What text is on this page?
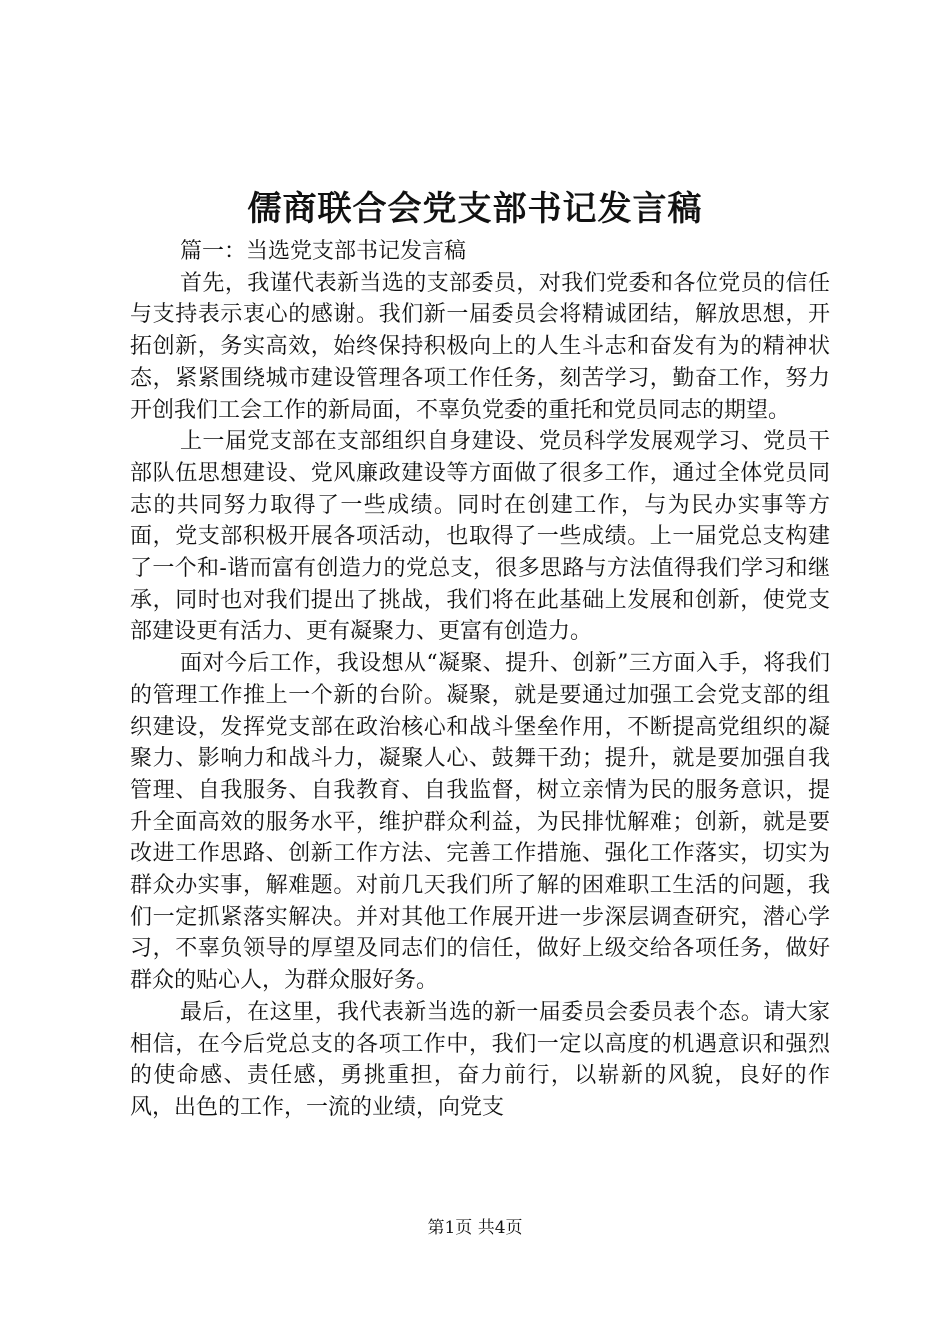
儒商联合会党支部书记发言稿

篇一：当选党支部书记发言稿

首先，我谨代表新当选的支部委员，对我们党委和各位党员的信任与支持表示衷心的感谢。我们新一届委员会将精诚团结，解放思想，开拓创新，务实高效，始终保持积极向上的人生斗志和奋发有为的精神状态，紧紧围绕城市建设管理各项工作任务，刻苦学习，勤奋工作，努力开创我们工会工作的新局面，不辜负党委的重托和党员同志的期望。

上一届党支部在支部组织自身建设、党员科学发展观学习、党员干部队伍思想建设、党风廉政建设等方面做了很多工作，通过全体党员同志的共同努力取得了一些成绩。同时在创建工作，与为民办实事等方面，党支部积极开展各项活动，也取得了一些成绩。上一届党总支构建了一个和-谐而富有创造力的党总支，很多思路与方法值得我们学习和继承，同时也对我们提出了挑战，我们将在此基础上发展和创新，使党支部建设更有活力、更有凝聚力、更富有创造力。

面对今后工作，我设想从“凝聚、提升、创新”三方面入手，将我们的管理工作推上一个新的台阶。凝聚，就是要通过加强工会党支部的组织建设，发挥党支部在政治核心和战斗堡垒作用，不断提高党组织的凝聚力、影响力和战斗力，凝聚人心、鼓舞干劲；提升，就是要加强自我管理、自我服务、自我教育、自我监督，树立亲情为民的服务意识，提升全面高效的服务水平，维护群众利益，为民排忧解难；创新，就是要改进工作思路、创新工作方法、完善工作措施、强化工作落实，切实为群众办实事，解难题。对前几天我们所了解的困难职工生活的问题，我们一定抓紧落实解决。并对其他工作展开进一步深层调查研究，潜心学习，不辜负领导的厚望及同志们的信任，做好上级交给各项任务，做好群众的贴心人，为群众服好务。

最后，在这里，我代表新当选的新一届委员会委员表个态。请大家相信，在今后党总支的各项工作中，我们一定以高度的机遇意识和强烈的使命感、责任感，勇挑重担，奋力前行，以崭新的风貌，良好的作风，出色的工作，一流的业绩，向党支

第1页 共4页
